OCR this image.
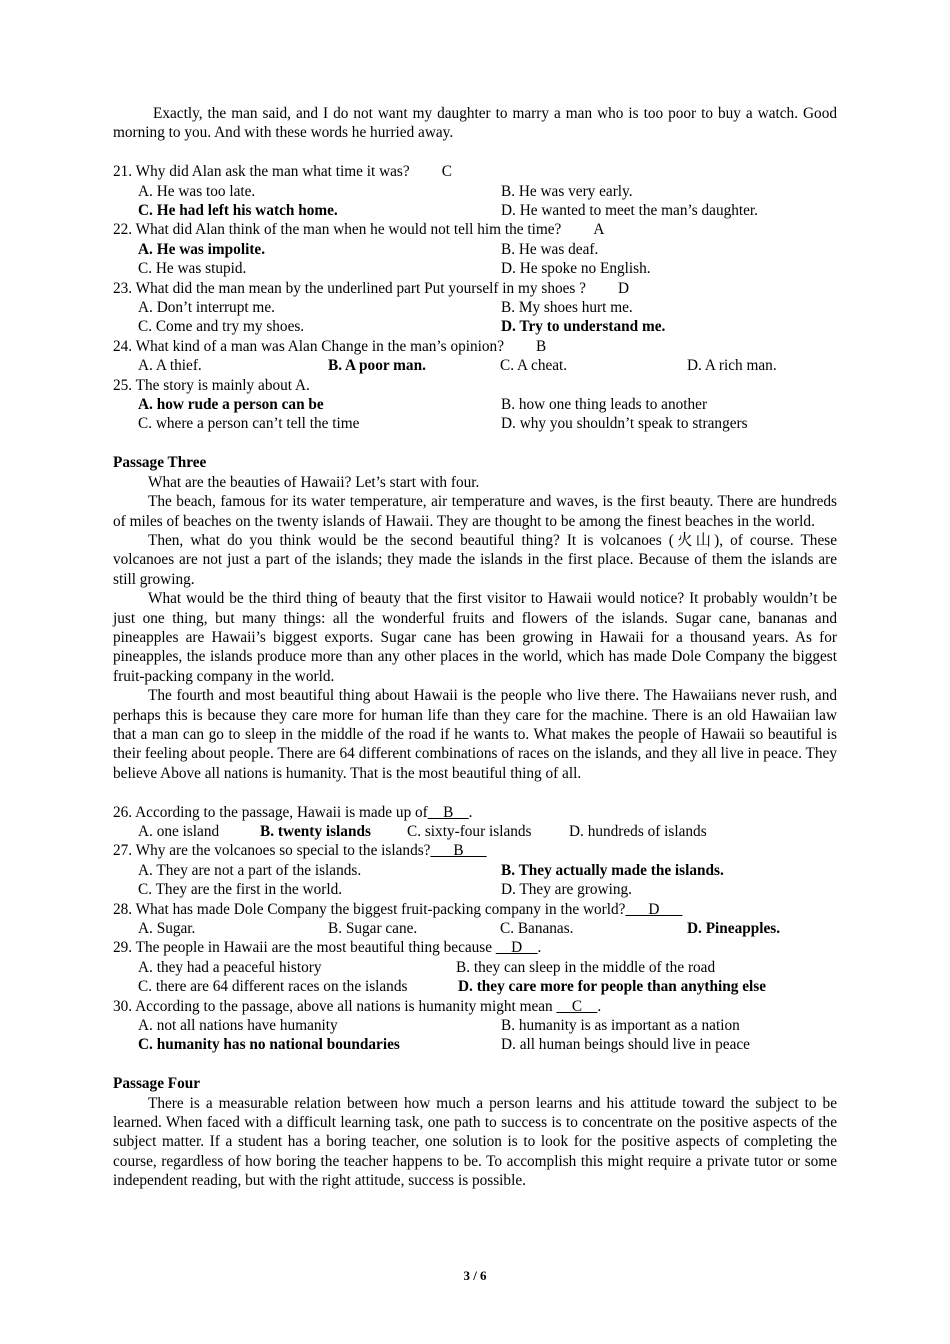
Exactly, the man said, and I do not want my daughter to marry a man who is too poor to buy a watch. Good morning to you. And with these words he hurried away.

21. Why did Alan ask the man what time it was? C
A. He was too late.	B. He was very early.
C. He had left his watch home.	D. He wanted to meet the man’s daughter.
22. What did Alan think of the man when he would not tell him the time? A
A. He was impolite.	B. He was deaf.
C. He was stupid.	D. He spoke no English.
23. What did the man mean by the underlined part Put yourself in my shoes ? D
A. Don’t interrupt me.	B. My shoes hurt me.
C. Come and try my shoes.	D. Try to understand me.
24. What kind of a man was Alan Change in the man’s opinion? B
A. A thief.	B. A poor man.	C. A cheat.	D. A rich man.
25. The story is mainly about A.
A. how rude a person can be	B. how one thing leads to another
C. where a person can’t tell the time	D. why you shouldn’t speak to strangers

Passage Three

What are the beauties of Hawaii? Let’s start with four.

The beach, famous for its water temperature, air temperature and waves, is the first beauty. There are hundreds of miles of beaches on the twenty islands of Hawaii. They are thought to be among the finest beaches in the world.

Then, what do you think would be the second beautiful thing? It is volcanoes (火山), of course. These volcanoes are not just a part of the islands; they made the islands in the first place. Because of them the islands are still growing.

What would be the third thing of beauty that the first visitor to Hawaii would notice? It probably wouldn’t be just one thing, but many things: all the wonderful fruits and flowers of the islands. Sugar cane, bananas and pineapples are Hawaii’s biggest exports. Sugar cane has been growing in Hawaii for a thousand years. As for pineapples, the islands produce more than any other places in the world, which has made Dole Company the biggest fruit-packing company in the world.

The fourth and most beautiful thing about Hawaii is the people who live there. The Hawaiians never rush, and perhaps this is because they care more for human life than they care for the machine. There is an old Hawaiian law that a man can go to sleep in the middle of the road if he wants to. What makes the people of Hawaii so beautiful is their feeling about people. There are 64 different combinations of races on the islands, and they all live in peace. They believe Above all nations is humanity. That is the most beautiful thing of all.

26. According to the passage, Hawaii is made up of__B__.
A. one island	B. twenty islands	C. sixty-four islands	D. hundreds of islands
27. Why are the volcanoes so special to the islands?___B___
A. They are not a part of the islands.	B. They actually made the islands.
C. They are the first in the world.	D. They are growing.
28. What has made Dole Company the biggest fruit-packing company in the world?___D___
A. Sugar.	B. Sugar cane.	C. Bananas.	D. Pineapples.
29. The people in Hawaii are the most beautiful thing because __D__.
A. they had a peaceful history	B. they can sleep in the middle of the road
C. there are 64 different races on the islands	D. they care more for people than anything else
30. According to the passage, above all nations is humanity might mean __C__.
A. not all nations have humanity	B. humanity is as important as a nation
C. humanity has no national boundaries	D. all human beings should live in peace

Passage Four

There is a measurable relation between how much a person learns and his attitude toward the subject to be learned. When faced with a difficult learning task, one path to success is to concentrate on the positive aspects of the subject matter. If a student has a boring teacher, one solution is to look for the positive aspects of completing the course, regardless of how boring the teacher happens to be. To accomplish this might require a private tutor or some independent reading, but with the right attitude, success is possible.

3 / 6
